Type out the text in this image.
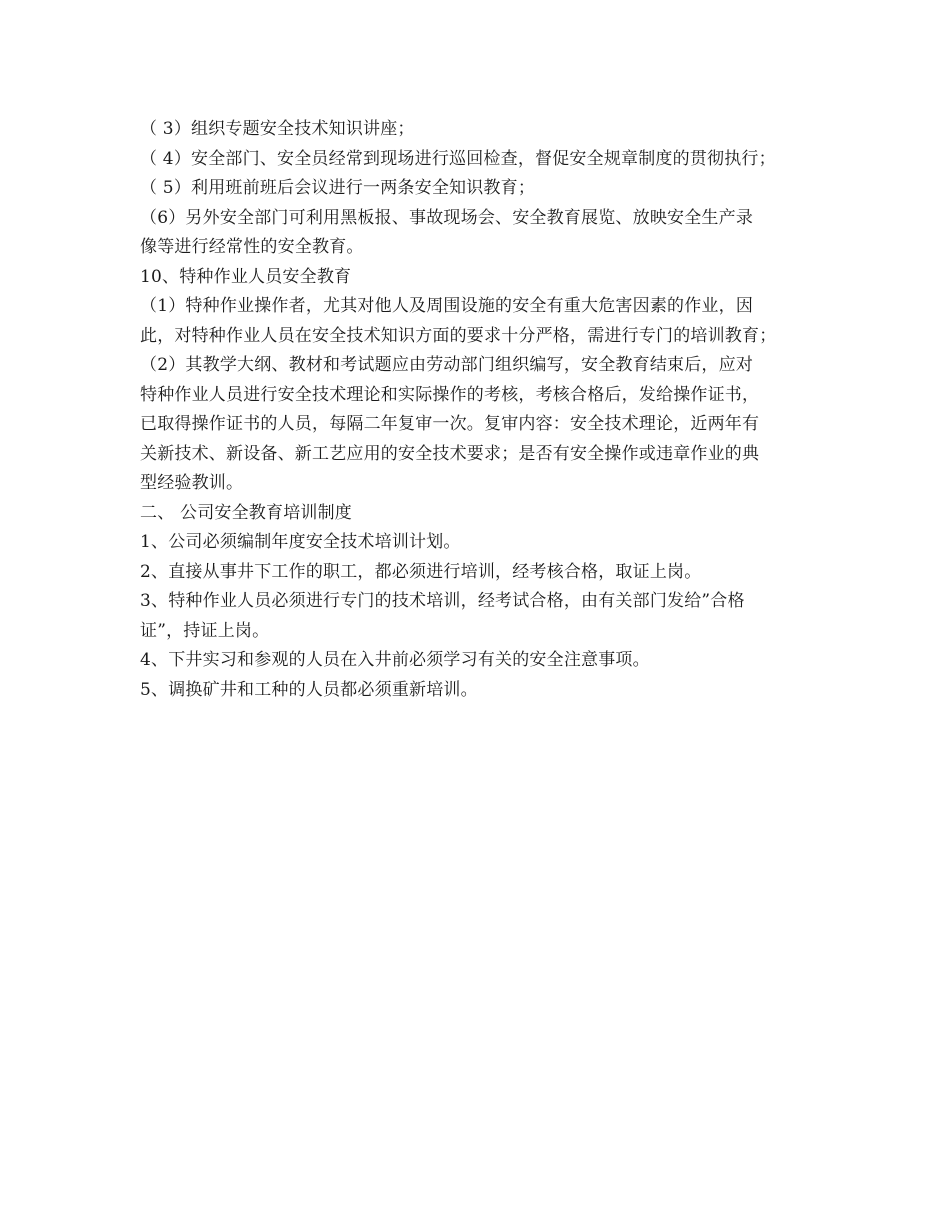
（ 3）组织专题安全技术知识讲座；
（ 4）安全部门、安全员经常到现场进行巡回检查，督促安全规章制度的贯彻执行；
（ 5）利用班前班后会议进行一两条安全知识教育；
（6）另外安全部门可利用黑板报、事故现场会、安全教育展览、放映安全生产录
像等进行经常性的安全教育。
10、特种作业人员安全教育
（1）特种作业操作者，尤其对他人及周围设施的安全有重大危害因素的作业，因
此，对特种作业人员在安全技术知识方面的要求十分严格，需进行专门的培训教育；
（2）其教学大纲、教材和考试题应由劳动部门组织编写，安全教育结束后，应对
特种作业人员进行安全技术理论和实际操作的考核，考核合格后，发给操作证书，
已取得操作证书的人员，每隔二年复审一次。复审内容：安全技术理论，近两年有
关新技术、新设备、新工艺应用的安全技术要求；是否有安全操作或违章作业的典
型经验教训。
二、 公司安全教育培训制度
1、公司必须编制年度安全技术培训计划。
2、直接从事井下工作的职工，都必须进行培训，经考核合格，取证上岗。
3、特种作业人员必须进行专门的技术培训，经考试合格，由有关部门发给”合格
证”，持证上岗。
4、下井实习和参观的人员在入井前必须学习有关的安全注意事项。
5、调换矿井和工种的人员都必须重新培训。
